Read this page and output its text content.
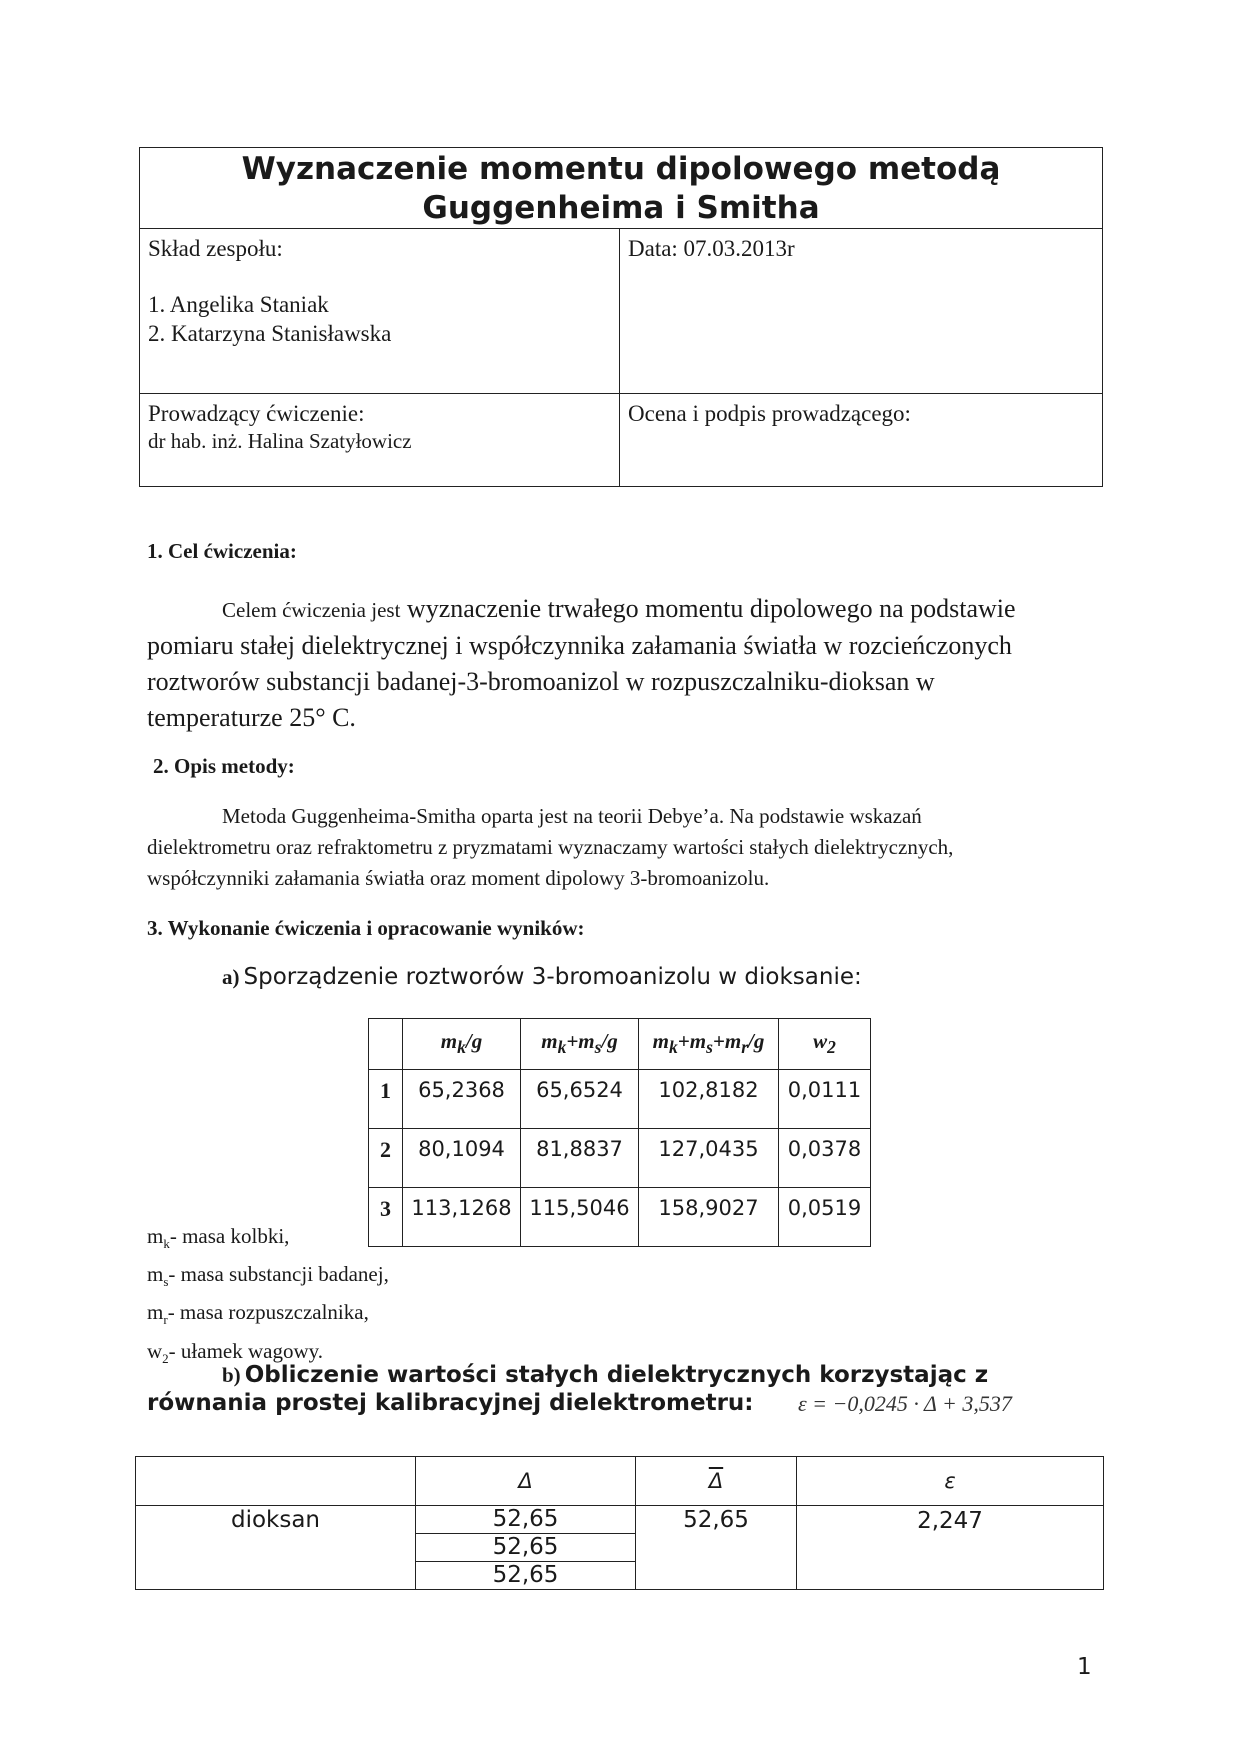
Wyznaczenie momentu dipolowego metodą
Guggenheima i Smitha	

Skład zespołu:
1. Angelika Staniak
2. Katarzyna Stanisławska	Data: 07.03.2013r

Prowadzący ćwiczenie:
dr hab. inż. Halina Szatyłowicz	Ocena i podpis prowadzącego:
1. Cel ćwiczenia:
Celem ćwiczenia jest wyznaczenie trwałego momentu dipolowego na podstawie
pomiaru stałej dielektrycznej i współczynnika załamania światła w rozcieńczonych
roztworów substancji badanej-3-bromoanizol w rozpuszczalniku-dioksan w
temperaturze 25° C.
2. Opis metody:
Metoda Guggenheima-Smitha oparta jest na teorii Debye’a. Na podstawie wskazań
dielektrometru oraz refraktometru z pryzmatami wyznaczamy wartości stałych dielektrycznych,
współczynniki załamania światła oraz moment dipolowy 3-bromoanizolu.
3. Wykonanie ćwiczenia i opracowanie wyników:
a) Sporządzenie roztworów 3-bromoanizolu w dioksanie:
	$m_k/g$	$m_k+m_s/g$	$m_k+m_s+m_r/g$	$w_2$
1	65,2368	65,6524	102,8182	0,0111
2	80,1094	81,8837	127,0435	0,0378
3	113,1268	115,5046	158,9027	0,0519
$m_k-$ masa kolbki,
$m_s-$ masa substancji badanej,
$m_r-$ masa rozpuszczalnika,
$w_2-$ ułamek wagowy.
b) Obliczenie wartości stałych dielektrycznych korzystając z
równania prostej kalibracyjnej dielektrometru:	ε = −0,0245 · Δ + 3,537
	Δ	$\overline{\Delta}$	ε
dioksan	52,65	52,65	2,247
	52,65		
	52,65		
1
